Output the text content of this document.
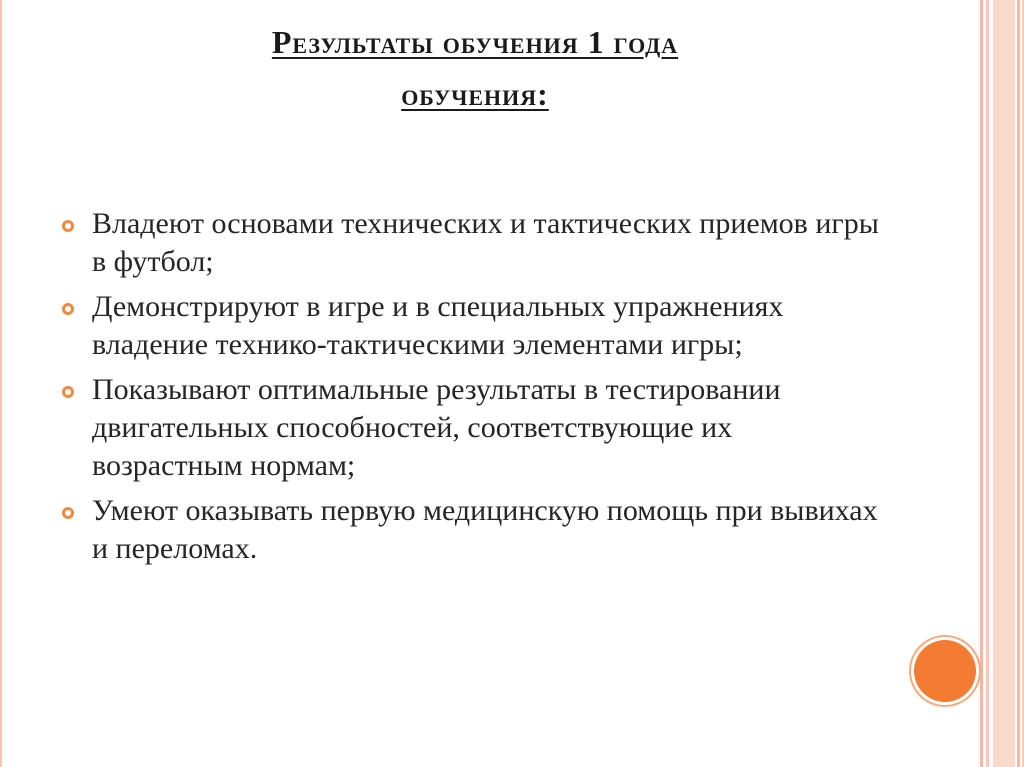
Результаты обучения 1 года
обучения:
Владеют основами технических и тактических приемов игры в футбол;
Демонстрируют в игре и в специальных упражнениях владение технико-тактическими элементами игры;
Показывают оптимальные результаты в тестировании двигательных способностей, соответствующие их возрастным нормам;
Умеют оказывать первую медицинскую помощь при вывихах и переломах.
